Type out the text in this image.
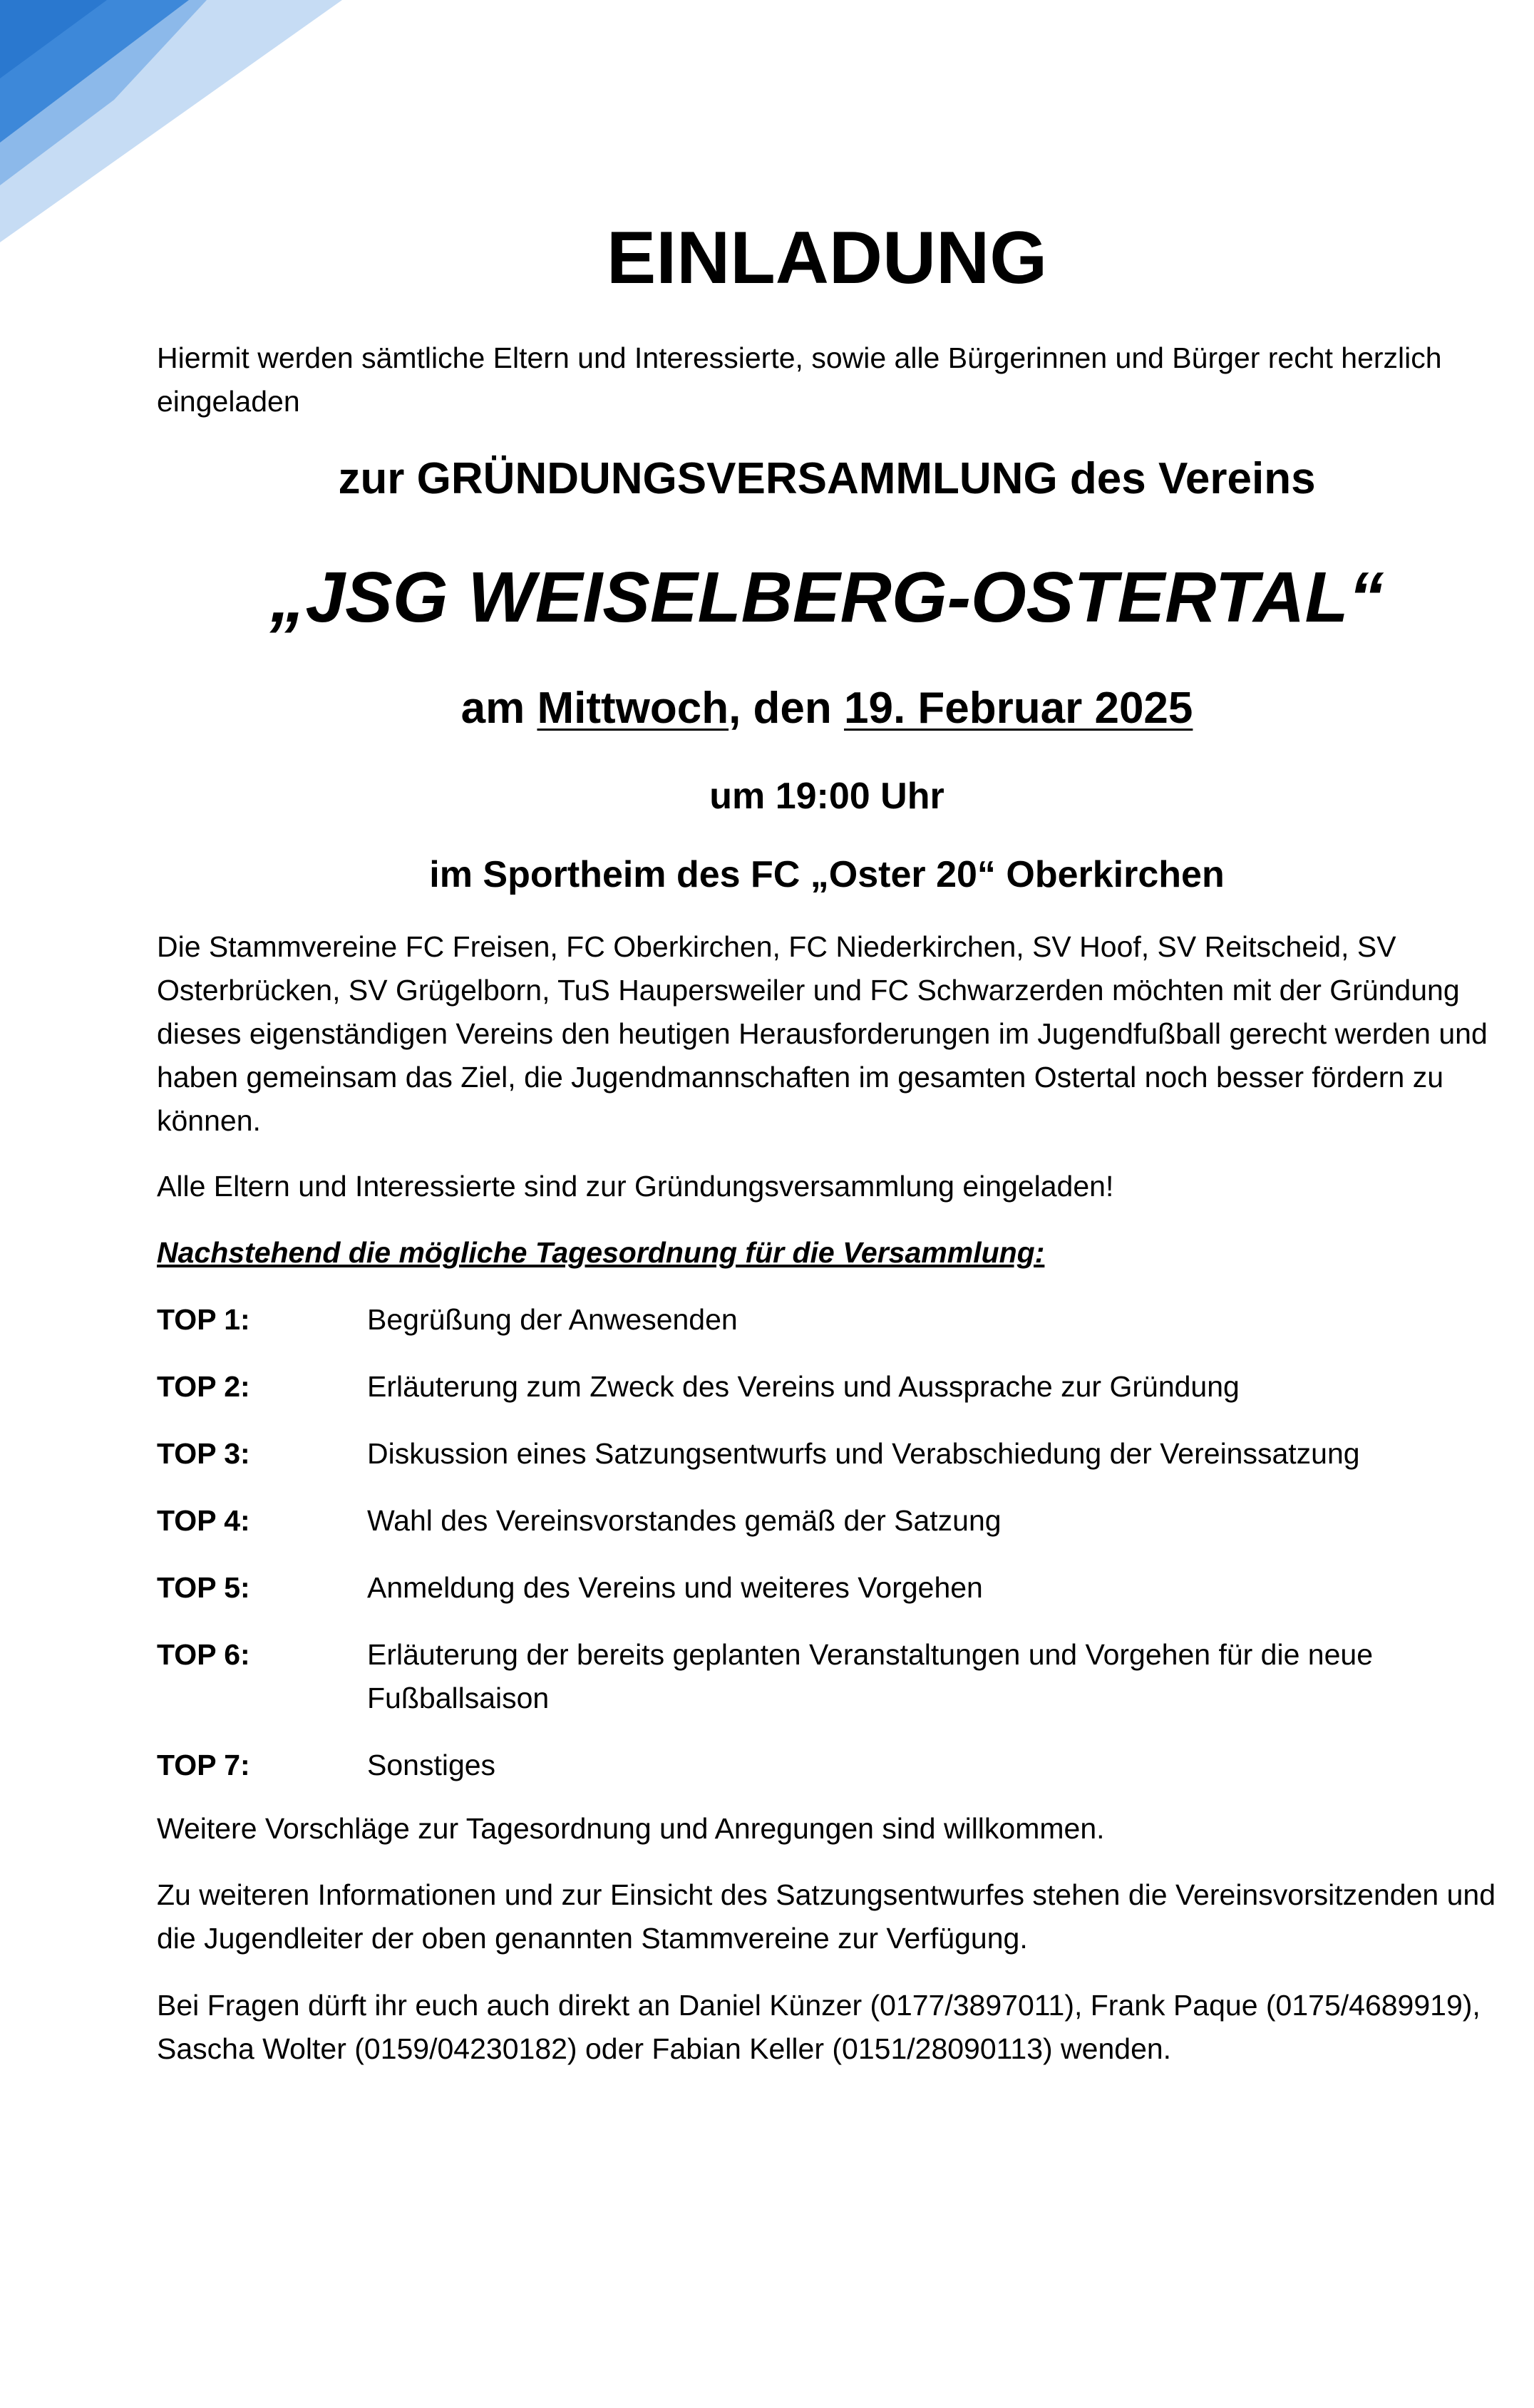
EINLADUNG

Hiermit werden sämtliche Eltern und Interessierte, sowie alle Bürgerinnen und Bürger recht herzlich eingeladen

zur GRÜNDUNGSVERSAMMLUNG des Vereins

„JSG WEISELBERG-OSTERTAL“

am Mittwoch, den 19. Februar 2025

um 19:00 Uhr

im Sportheim des FC „Oster 20“ Oberkirchen

Die Stammvereine FC Freisen, FC Oberkirchen, FC Niederkirchen, SV Hoof, SV Reitscheid, SV Osterbrücken, SV Grügelborn, TuS Haupersweiler und FC Schwarzerden möchten mit der Gründung dieses eigenständigen Vereins den heutigen Herausforderungen im Jugendfußball gerecht werden und haben gemeinsam das Ziel, die Jugendmannschaften im gesamten Ostertal noch besser fördern zu können.

Alle Eltern und Interessierte sind zur Gründungsversammlung eingeladen!

Nachstehend die mögliche Tagesordnung für die Versammlung:

TOP 1:	Begrüßung der Anwesenden
TOP 2:	Erläuterung zum Zweck des Vereins und Aussprache zur Gründung
TOP 3:	Diskussion eines Satzungsentwurfs und Verabschiedung der Vereinssatzung
TOP 4:	Wahl des Vereinsvorstandes gemäß der Satzung
TOP 5:	Anmeldung des Vereins und weiteres Vorgehen
TOP 6:	Erläuterung der bereits geplanten Veranstaltungen und Vorgehen für die neue Fußballsaison
TOP 7:	Sonstiges

Weitere Vorschläge zur Tagesordnung und Anregungen sind willkommen.

Zu weiteren Informationen und zur Einsicht des Satzungsentwurfes stehen die Vereinsvorsitzenden und die Jugendleiter der oben genannten Stammvereine zur Verfügung.

Bei Fragen dürft ihr euch auch direkt an Daniel Künzer (0177/3897011), Frank Paque (0175/4689919), Sascha Wolter (0159/04230182) oder Fabian Keller (0151/28090113) wenden.
